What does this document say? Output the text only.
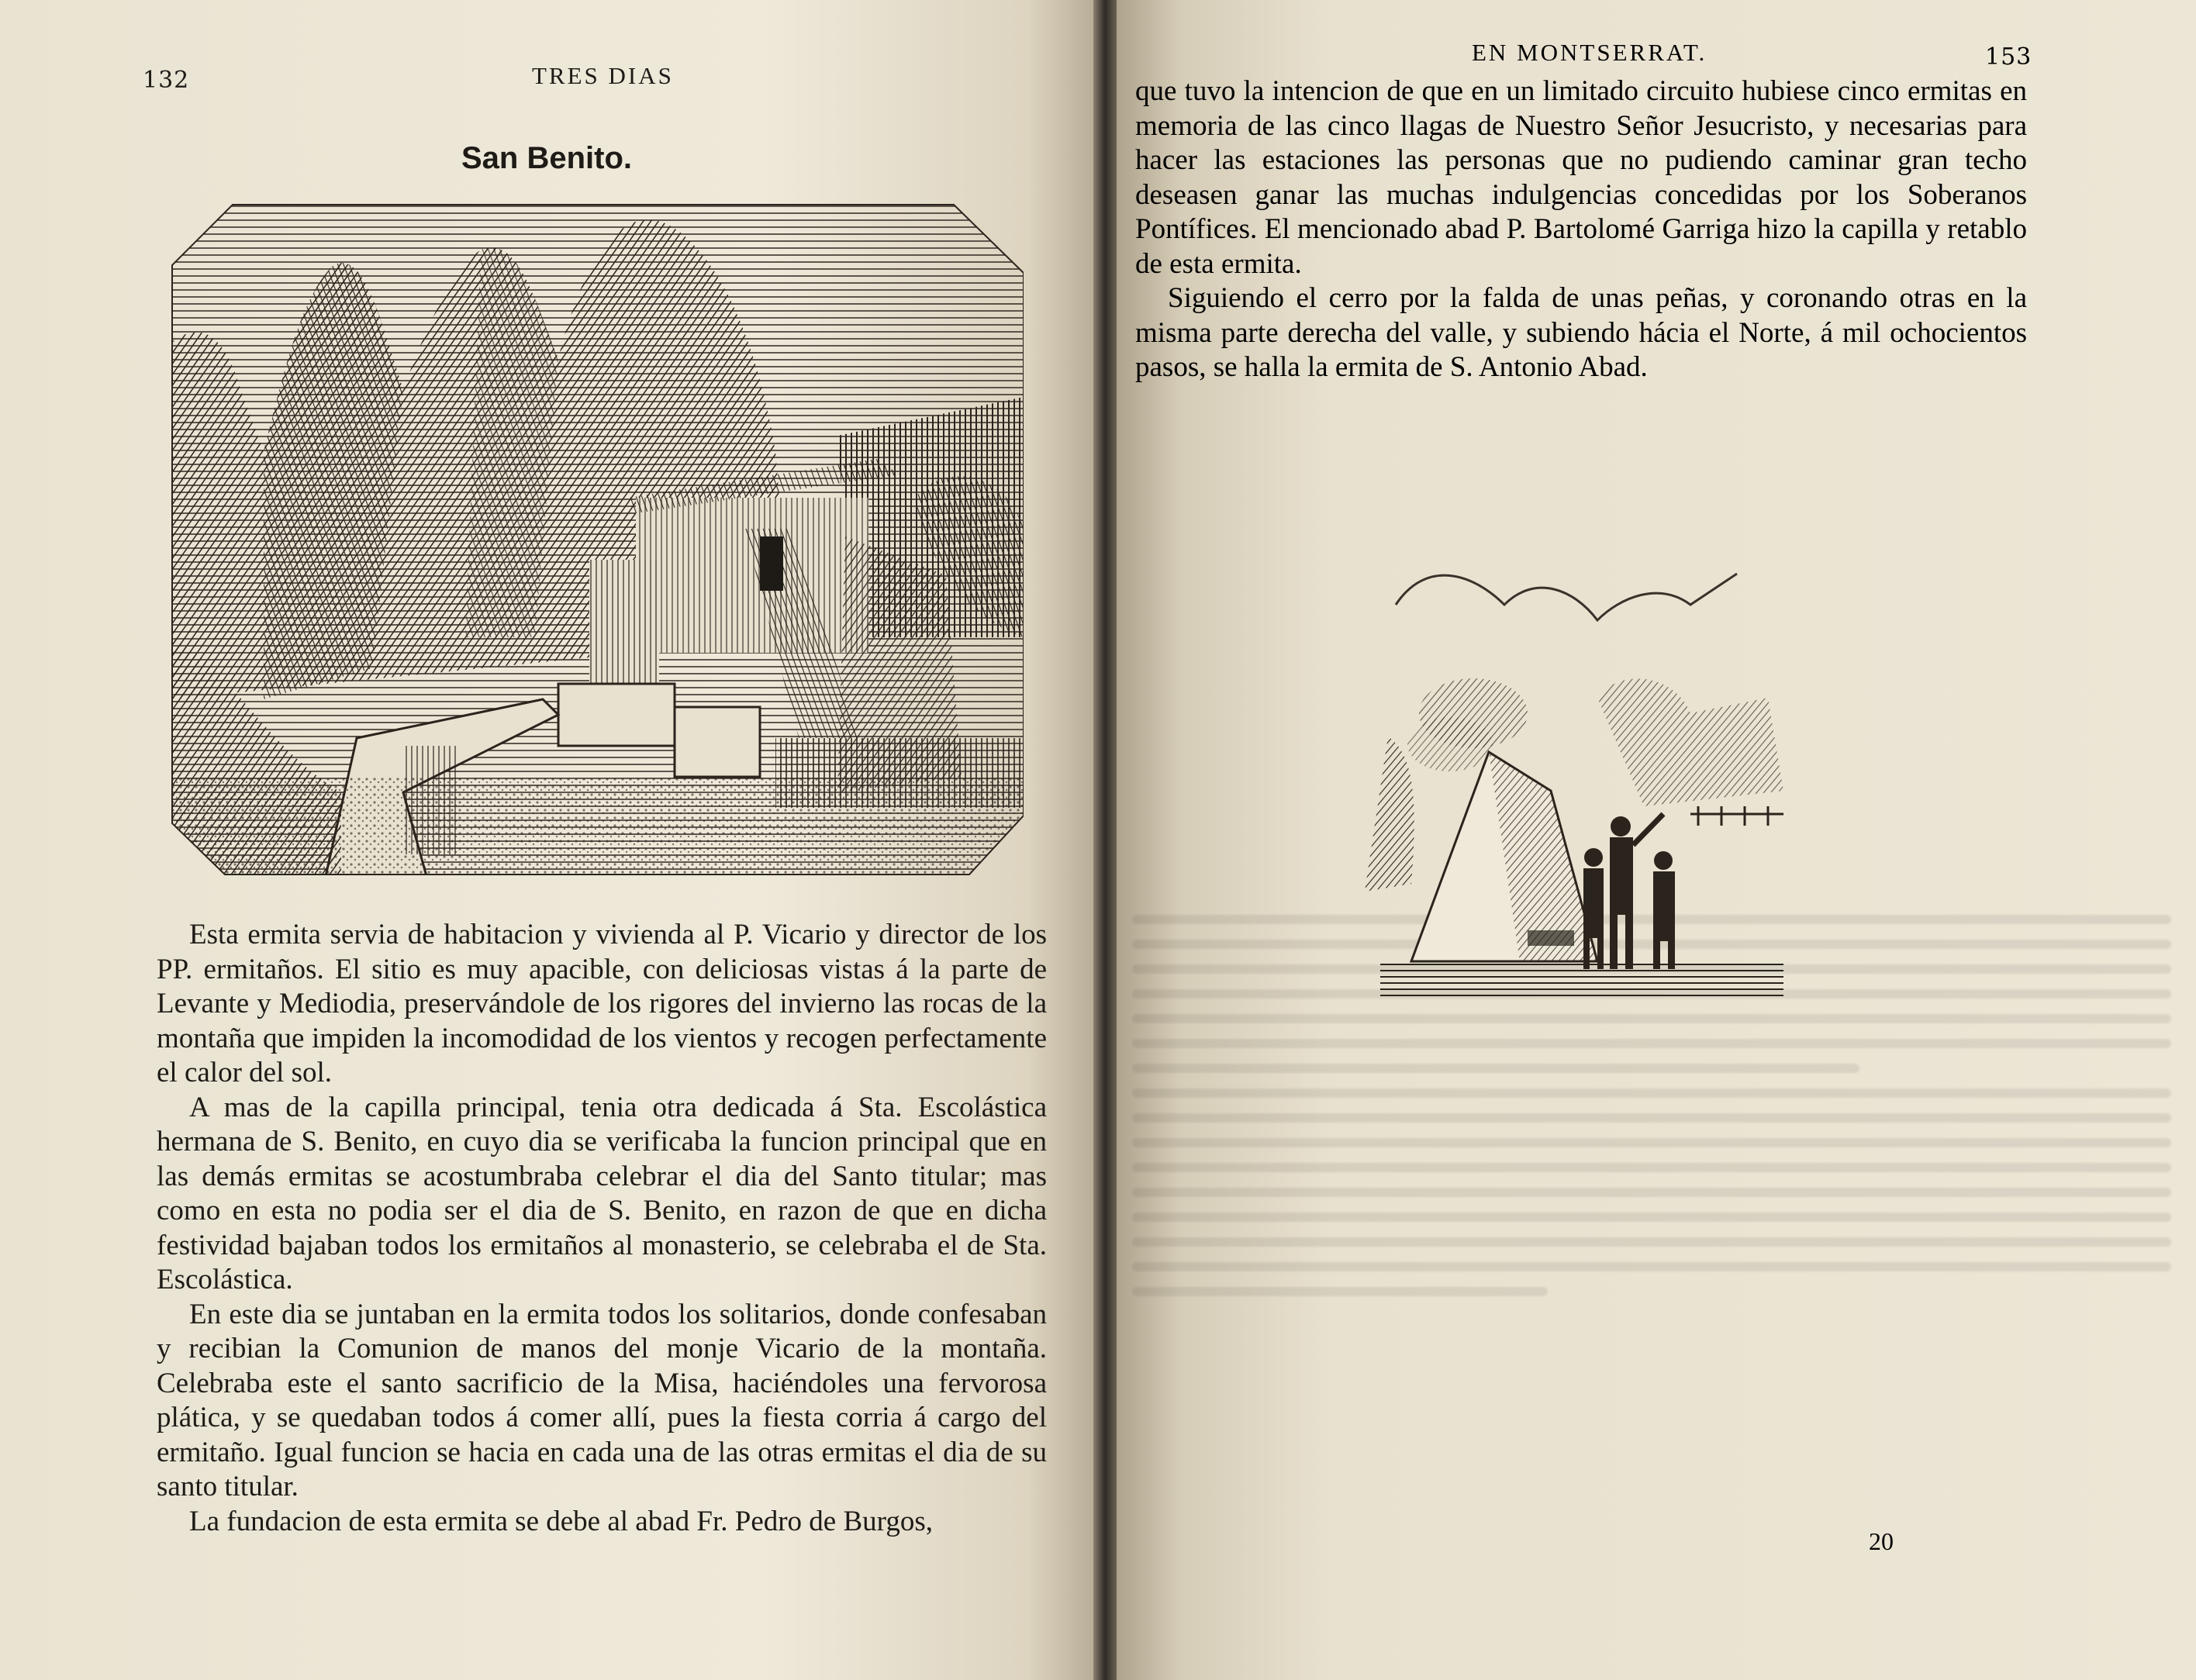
132	TRES DIAS
San Benito.

Esta ermita servia de habitacion y vivienda al P. Vicario y director de los PP. ermitaños. El sitio es muy apacible, con deliciosas vistas á la parte de Levante y Mediodia, preservándole de los rigores del invierno las rocas de la montaña que impiden la incomodidad de los vientos y recogen perfectamente el calor del sol.

A mas de la capilla principal, tenia otra dedicada á Sta. Escolástica hermana de S. Benito, en cuyo dia se verificaba la funcion principal que en las demás ermitas se acostumbraba celebrar el dia del Santo titular; mas como en esta no podia ser el dia de S. Benito, en razon de que en dicha festividad bajaban todos los ermitaños al monasterio, se celebraba el de Sta. Escolástica.

En este dia se juntaban en la ermita todos los solitarios, donde confesaban y recibian la Comunion de manos del monje Vicario de la montaña. Celebraba este el santo sacrificio de la Misa, haciéndoles una fervorosa plática, y se quedaban todos á comer allí, pues la fiesta corria á cargo del ermitaño. Igual funcion se hacia en cada una de las otras ermitas el dia de su santo titular.

La fundacion de esta ermita se debe al abad Fr. Pedro de Burgos,

EN MONTSERRAT.	153

que tuvo la intencion de que en un limitado circuito hubiese cinco ermitas en memoria de las cinco llagas de Nuestro Señor Jesucristo, y necesarias para hacer las estaciones las personas que no pudiendo caminar gran techo deseasen ganar las muchas indulgencias concedidas por los Soberanos Pontífices. El mencionado abad P. Bartolomé Garriga hizo la capilla y retablo de esta ermita.

Siguiendo el cerro por la falda de unas peñas, y coronando otras en la misma parte derecha del valle, y subiendo hácia el Norte, á mil ochocientos pasos, se halla la ermita de S. Antonio Abad.

20
